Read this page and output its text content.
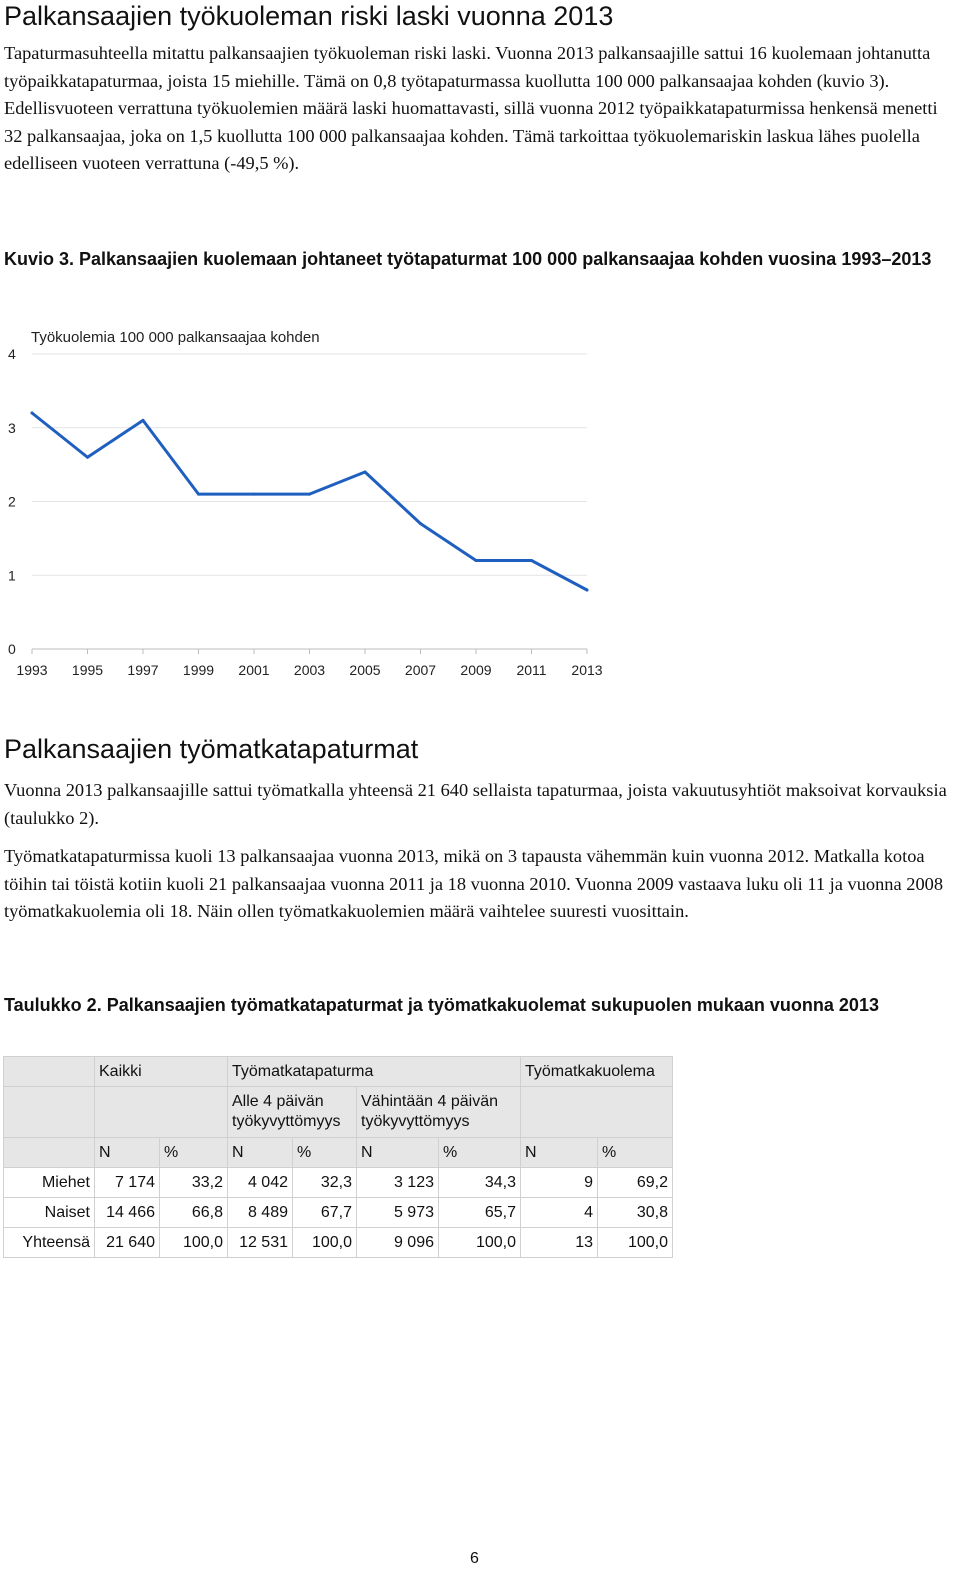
Palkansaajien työkuoleman riski laski vuonna 2013

Tapaturmasuhteella mitattu palkansaajien työkuoleman riski laski. Vuonna 2013 palkansaajille sattui 16 kuolemaan johtanutta työpaikkatapaturmaa, joista 15 miehille. Tämä on 0,8 työtapaturmassa kuollutta 100 000 palkansaajaa kohden (kuvio 3). Edellisvuoteen verrattuna työkuolemien määrä laski huomattavasti, sillä vuonna 2012 työpaikkatapaturmissa henkensä menetti 32 palkansaajaa, joka on 1,5 kuollutta 100 000 palkansaajaa kohden. Tämä tarkoittaa työkuolemariskin laskua lähes puolella edelliseen vuoteen verrattuna (-49,5 %).

Kuvio 3. Palkansaajien kuolemaan johtaneet työtapaturmat 100 000 palkansaajaa kohden vuosina 1993–2013

Työkuolemia 100 000 palkansaajaa kohden
0
1
2
3
4
1993 1995 1997 1999 2001 2003 2005 2007 2009 2011 2013
Palkansaajien työmatkatapaturmat

Vuonna 2013 palkansaajille sattui työmatkalla yhteensä 21 640 sellaista tapaturmaa, joista vakuutusyhtiöt maksoivat korvauksia (taulukko 2).

Työmatkatapaturmissa kuoli 13 palkansaajaa vuonna 2013, mikä on 3 tapausta vähemmän kuin vuonna 2012. Matkalla kotoa töihin tai töistä kotiin kuoli 21 palkansaajaa vuonna 2011 ja 18 vuonna 2010. Vuonna 2009 vastaava luku oli 11 ja vuonna 2008 työmatkakuolemia oli 18. Näin ollen työmatkakuolemien määrä vaihtelee suuresti vuosittain.

Taulukko 2. Palkansaajien työmatkatapaturmat ja työmatkakuolemat sukupuolen mukaan vuonna 2013

	Kaikki		Työmatkatapaturma				Työmatkakuolema	
			Alle 4 päivän työkyvyttömyys		Vähintään 4 päivän työkyvyttömyys			
	N	%	N	%	N	%	N	%
Miehet	7 174	33,2	4 042	32,3	3 123	34,3	9	69,2
Naiset	14 466	66,8	8 489	67,7	5 973	65,7	4	30,8
Yhteensä	21 640	100,0	12 531	100,0	9 096	100,0	13	100,0
6
